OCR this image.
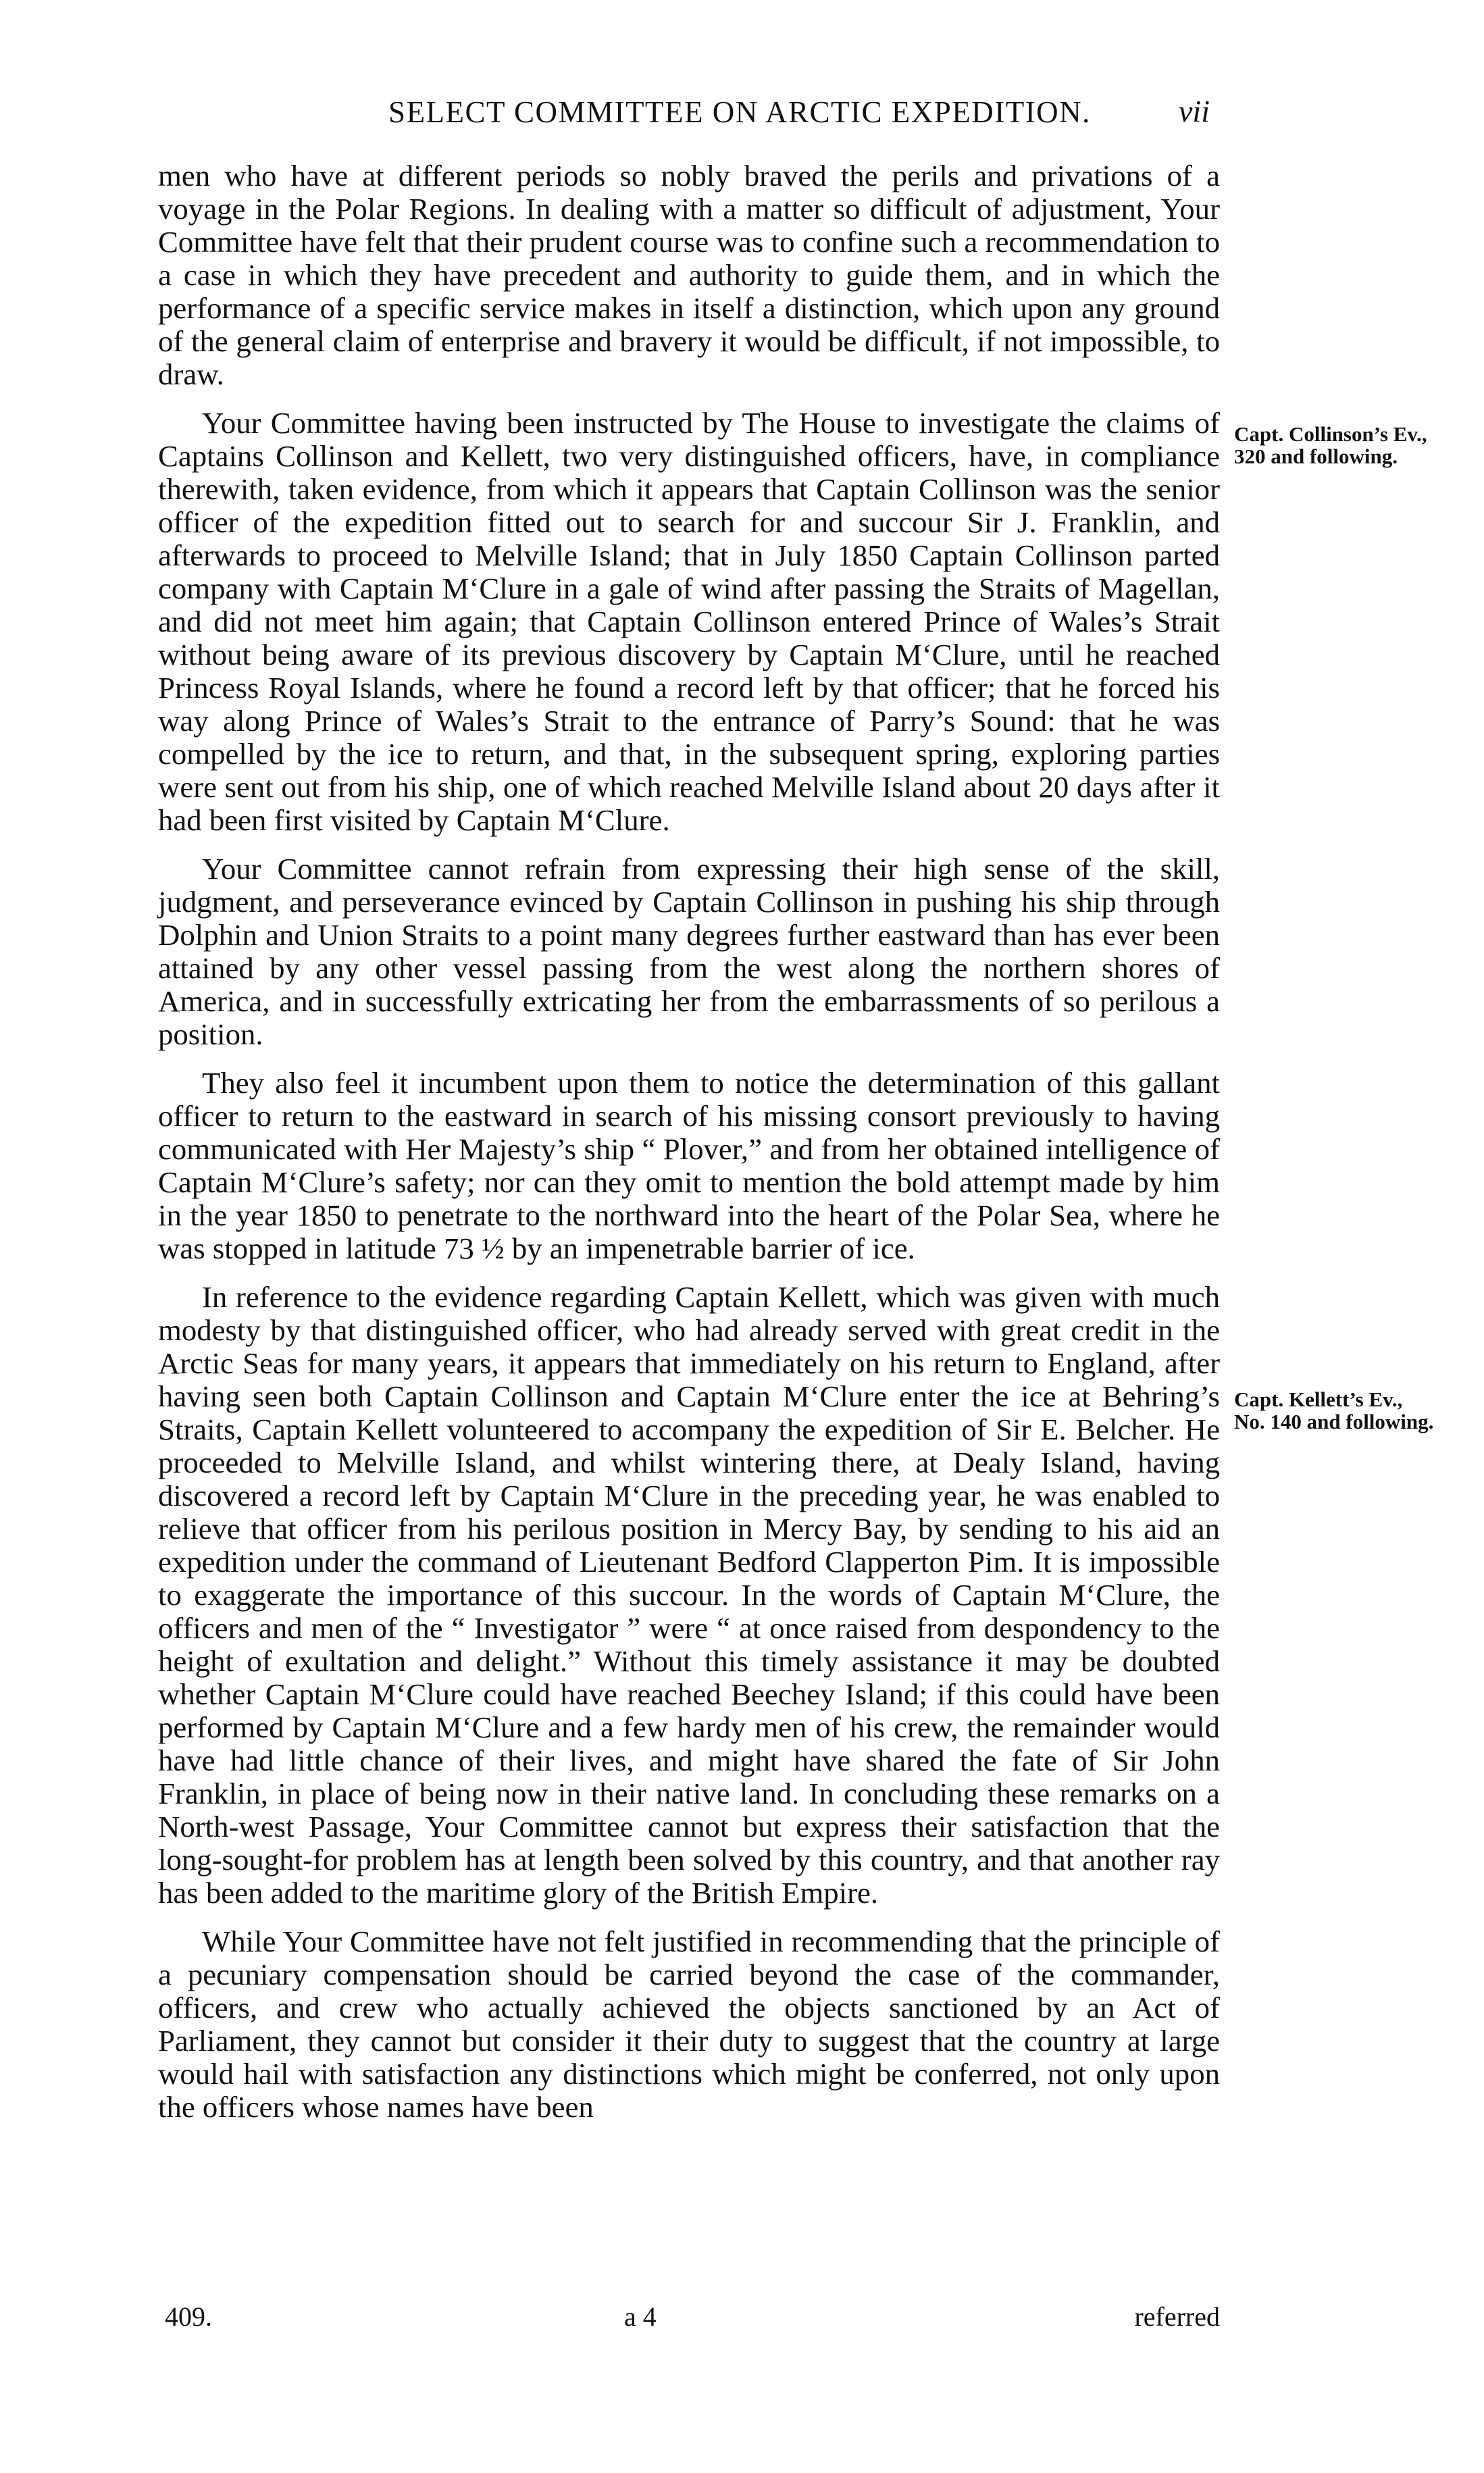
SELECT COMMITTEE ON ARCTIC EXPEDITION.	vii

men who have at different periods so nobly braved the perils and privations of a voyage in the Polar Regions. In dealing with a matter so difficult of adjustment, Your Committee have felt that their prudent course was to confine such a recommendation to a case in which they have precedent and authority to guide them, and in which the performance of a specific service makes in itself a distinction, which upon any ground of the general claim of enterprise and bravery it would be difficult, if not impossible, to draw.

Your Committee having been instructed by The House to investigate the claims of Captains Collinson and Kellett, two very distinguished officers, have, in compliance therewith, taken evidence, from which it appears that Captain Collinson was the senior officer of the expedition fitted out to search for and succour Sir J. Franklin, and afterwards to proceed to Melville Island; that in July 1850 Captain Collinson parted company with Captain M‘Clure in a gale of wind after passing the Straits of Magellan, and did not meet him again; that Captain Collinson entered Prince of Wales’s Strait without being aware of its previous discovery by Captain M‘Clure, until he reached Princess Royal Islands, where he found a record left by that officer; that he forced his way along Prince of Wales’s Strait to the entrance of Parry’s Sound: that he was compelled by the ice to return, and that, in the subsequent spring, exploring parties were sent out from his ship, one of which reached Melville Island about 20 days after it had been first visited by Captain M‘Clure.

Your Committee cannot refrain from expressing their high sense of the skill, judgment, and perseverance evinced by Captain Collinson in pushing his ship through Dolphin and Union Straits to a point many degrees further eastward than has ever been attained by any other vessel passing from the west along the northern shores of America, and in successfully extricating her from the embarrassments of so perilous a position.

They also feel it incumbent upon them to notice the determination of this gallant officer to return to the eastward in search of his missing consort previously to having communicated with Her Majesty’s ship “ Plover,” and from her obtained intelligence of Captain M‘Clure’s safety; nor can they omit to mention the bold attempt made by him in the year 1850 to penetrate to the northward into the heart of the Polar Sea, where he was stopped in latitude 73 ½ by an impenetrable barrier of ice.

In reference to the evidence regarding Captain Kellett, which was given with much modesty by that distinguished officer, who had already served with great credit in the Arctic Seas for many years, it appears that immediately on his return to England, after having seen both Captain Collinson and Captain M‘Clure enter the ice at Behring’s Straits, Captain Kellett volunteered to accompany the expedition of Sir E. Belcher. He proceeded to Melville Island, and whilst wintering there, at Dealy Island, having discovered a record left by Captain M‘Clure in the preceding year, he was enabled to relieve that officer from his perilous position in Mercy Bay, by sending to his aid an expedition under the command of Lieutenant Bedford Clapperton Pim. It is impossible to exaggerate the importance of this succour. In the words of Captain M‘Clure, the officers and men of the “ Investigator ” were “ at once raised from despondency to the height of exultation and delight.” Without this timely assistance it may be doubted whether Captain M‘Clure could have reached Beechey Island; if this could have been performed by Captain M‘Clure and a few hardy men of his crew, the remainder would have had little chance of their lives, and might have shared the fate of Sir John Franklin, in place of being now in their native land. In concluding these remarks on a North-west Passage, Your Committee cannot but express their satisfaction that the long-sought-for problem has at length been solved by this country, and that another ray has been added to the maritime glory of the British Empire.

While Your Committee have not felt justified in recommending that the principle of a pecuniary compensation should be carried beyond the case of the commander, officers, and crew who actually achieved the objects sanctioned by an Act of Parliament, they cannot but consider it their duty to suggest that the country at large would hail with satisfaction any distinctions which might be conferred, not only upon the officers whose names have been

Capt. Collinson’s Ev., 320 and following.
Capt. Kellett’s Ev., No. 140 and following.
409.	a 4	referred
